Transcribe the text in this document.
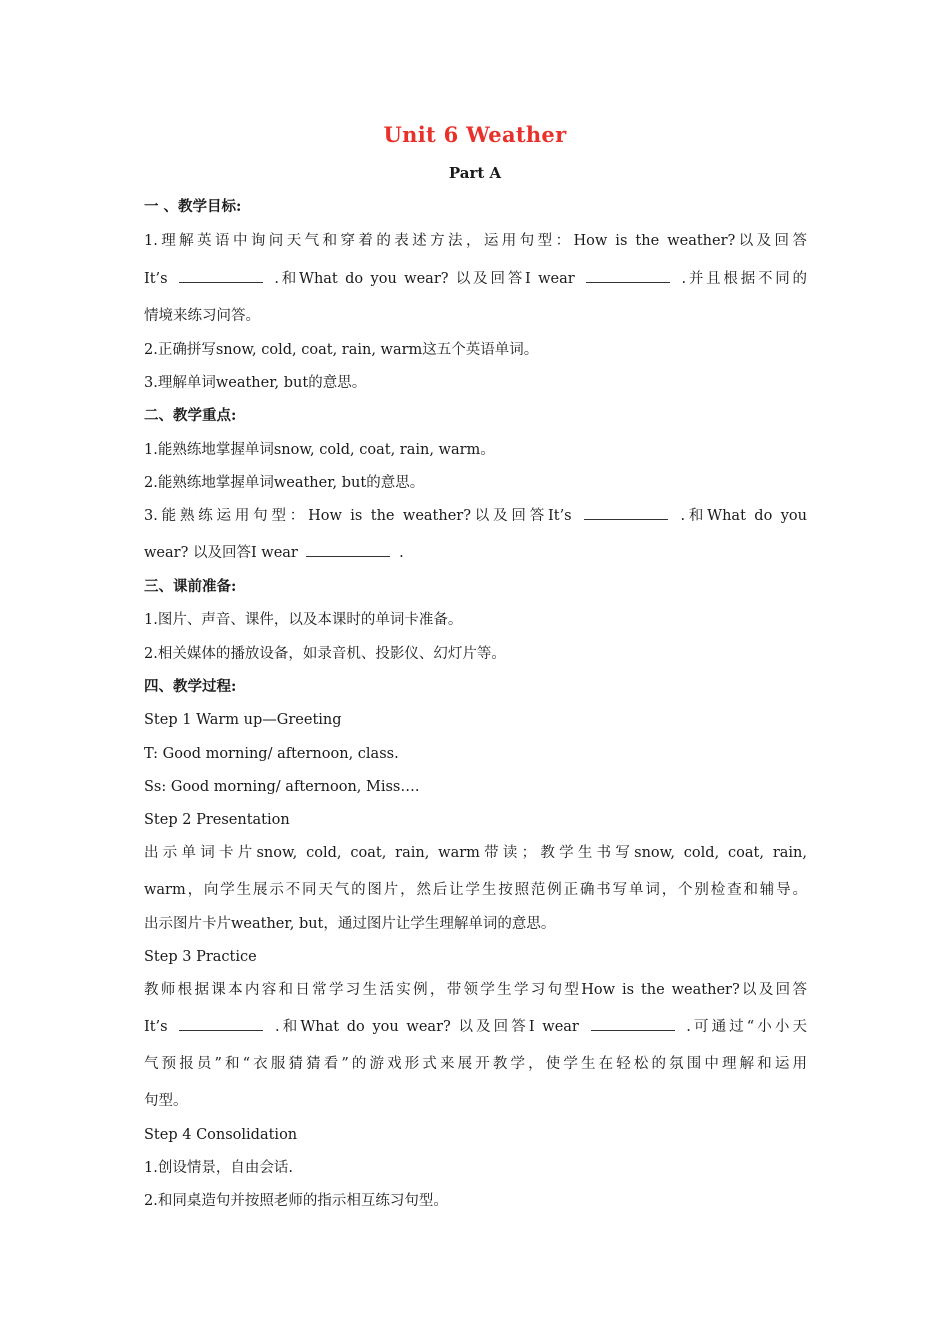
Unit 6 Weather
Part A
一 、教学目标:
1.理解英语中询问天气和穿着的表述方法，运用句型：How is the weather?以及回答
It’s	.和What do you wear? 以及回答I wear	.并且根据不同的
情境来练习问答。
2.正确拼写snow, cold, coat, rain, warm这五个英语单词。
3.理解单词weather, but的意思。
二、教学重点:
1.能熟练地掌握单词snow, cold, coat, rain, warm。
2.能熟练地掌握单词weather, but的意思。
3.能熟练运用句型：How is the weather?以及回答It’s	.和What do you
wear? 以及回答I wear	.
三、课前准备:
1.图片、声音、课件，以及本课时的单词卡准备。
2.相关媒体的播放设备，如录音机、投影仪、幻灯片等。
四、教学过程:
Step 1 Warm up—Greeting
T: Good morning/ afternoon, class.
Ss: Good morning/ afternoon, Miss….
Step 2 Presentation
出示单词卡片snow, cold, coat, rain, warm带读；教学生书写snow, cold, coat, rain,
warm，向学生展示不同天气的图片，然后让学生按照范例正确书写单词，个别检查和辅导。
出示图片卡片weather, but，通过图片让学生理解单词的意思。
Step 3 Practice
教师根据课本内容和日常学习生活实例，带领学生学习句型How is the weather?以及回答
It’s	.和What do you wear? 以及回答I wear	.可通过“小小天
气预报员”和“衣服猜猜看”的游戏形式来展开教学，使学生在轻松的氛围中理解和运用
句型。
Step 4 Consolidation
1.创设情景，自由会话.
2.和同桌造句并按照老师的指示相互练习句型。
